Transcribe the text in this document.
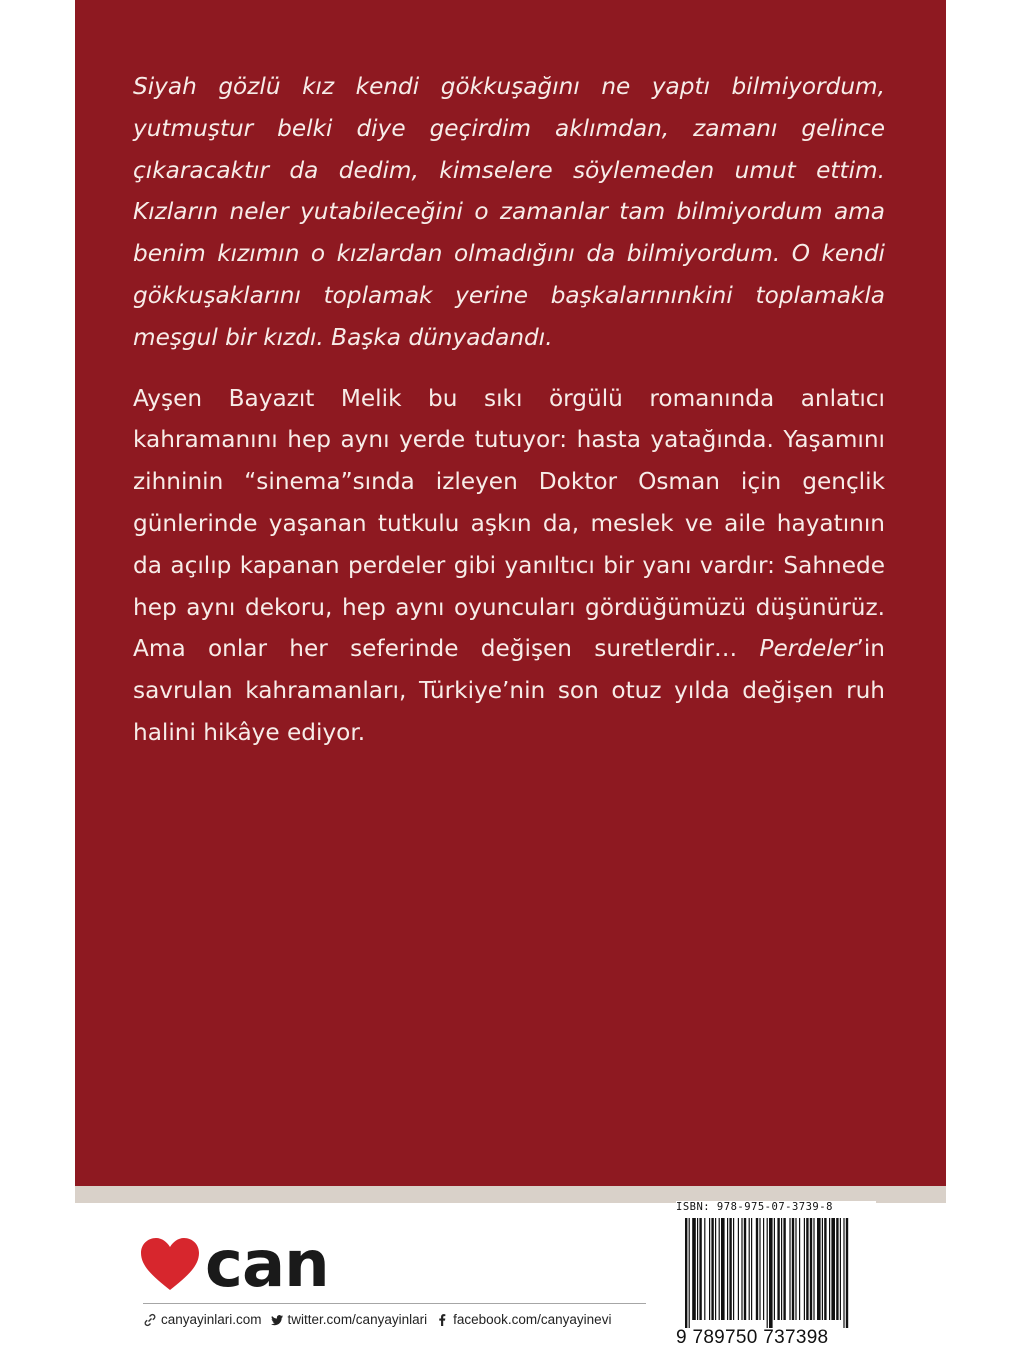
Siyah gözlü kız kendi gökkuşağını ne yaptı bilmiyordum, yutmuştur belki diye geçirdim aklımdan, zamanı gelince çıkaracaktır da dedim, kimselere söylemeden umut ettim. Kızların neler yutabileceğini o zamanlar tam bilmiyordum ama benim kızımın o kızlardan olmadığını da bilmiyordum. O kendi gökkuşaklarını toplamak yerine başkalarınınkini toplamakla meşgul bir kızdı. Başka dünyadandı.

Ayşen Bayazıt Melik bu sıkı örgülü romanında anlatıcı kahramanını hep aynı yerde tutuyor: hasta yatağında. Yaşamını zihninin “sinema”sında izleyen Doktor Osman için gençlik günlerinde yaşanan tutkulu aşkın da, meslek ve aile hayatının da açılıp kapanan perdeler gibi yanıltıcı bir yanı vardır: Sahnede hep aynı dekoru, hep aynı oyuncuları gördüğümüzü düşünürüz. Ama onlar her seferinde değişen suretlerdir… Perdeler’in savrulan kahramanları, Türkiye’nin son otuz yılda değişen ruh halini hikâye ediyor.

can
canyayinlari.com twitter.com/canyayinlari facebook.com/canyayinevi
ISBN: 978-975-07-3739-8
9 789750 737398
